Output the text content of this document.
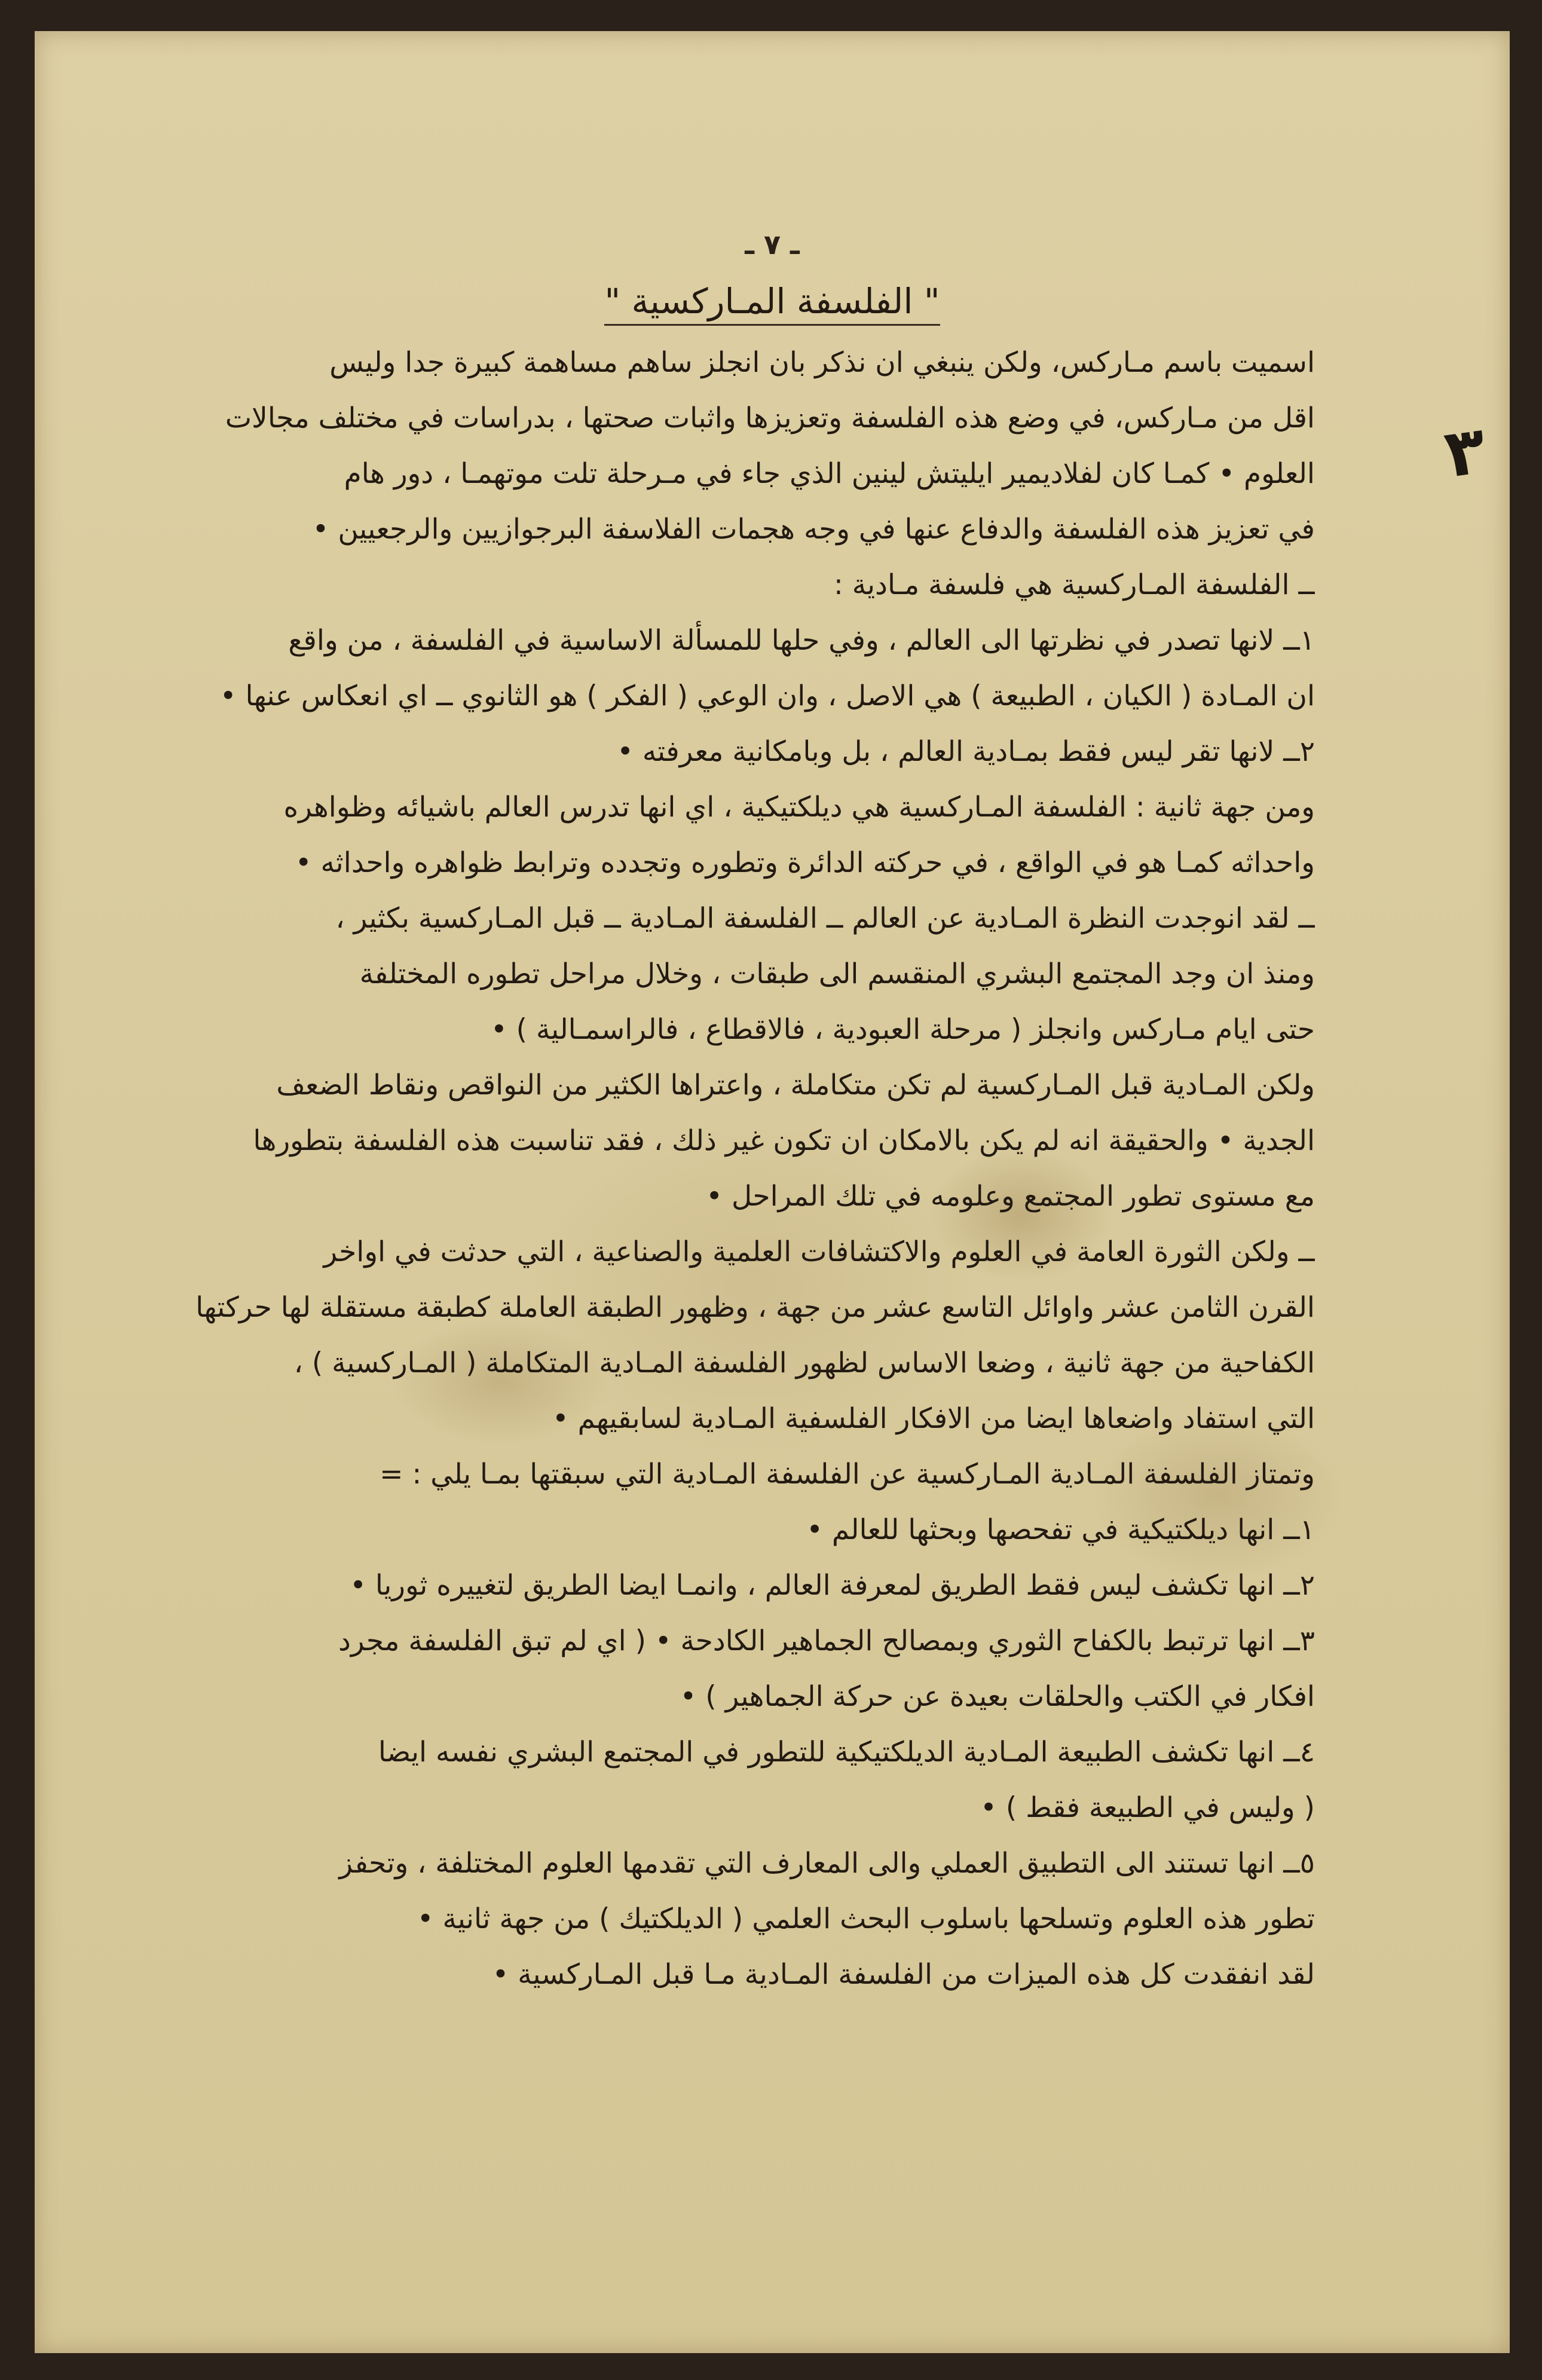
ـ ٧ ـ
" الفلسفة المـاركسية "
٣
اسميت باسم مـاركس، ولكن ينبغي ان نذكر بان انجلز ساهم مساهمة كبيرة جدا وليس
اقل من مـاركس، في وضع هذه الفلسفة وتعزيزها واثبات صحتها ، بدراسات في مختلف مجالات
العلوم • كمـا كان لفلاديمير ايليتش لينين الذي جاء في مـرحلة تلت موتهمـا ، دور هام
في تعزيز هذه الفلسفة والدفاع عنها في وجه هجمات الفلاسفة البرجوازيين والرجعيين •
ــ الفلسفة المـاركسية هي فلسفة مـادية :
١ــ لانها تصدر في نظرتها الى العالم ، وفي حلها للمسألة الاساسية في الفلسفة ، من واقع
ان المـادة ( الكيان ، الطبيعة ) هي الاصل ، وان الوعي ( الفكر ) هو الثانوي ــ اي انعكاس عنها •
٢ــ لانها تقر ليس فقط بمـادية العالم ، بل وبامكانية معرفته •
ومن جهة ثانية : الفلسفة المـاركسية هي ديلكتيكية ، اي انها تدرس العالم باشيائه وظواهره
واحداثه كمـا هو في الواقع ، في حركته الدائرة وتطوره وتجدده وترابط ظواهره واحداثه •
ــ لقد انوجدت النظرة المـادية عن العالم ــ الفلسفة المـادية ــ قبل المـاركسية بكثير ،
ومنذ ان وجد المجتمع البشري المنقسم الى طبقات ، وخلال مراحل تطوره المختلفة
حتى ايام مـاركس وانجلز ( مرحلة العبودية ، فالاقطاع ، فالراسمـالية ) •
ولكن المـادية قبل المـاركسية لم تكن متكاملة ، واعتراها الكثير من النواقص ونقاط الضعف
الجدية • والحقيقة انه لم يكن بالامكان ان تكون غير ذلك ، فقد تناسبت هذه الفلسفة بتطورها
مع مستوى تطور المجتمع وعلومه في تلك المراحل •
ــ ولكن الثورة العامة في العلوم والاكتشافات العلمية والصناعية ، التي حدثت في اواخر
القرن الثامن عشر واوائل التاسع عشر من جهة ، وظهور الطبقة العاملة كطبقة مستقلة لها حركتها
الكفاحية من جهة ثانية ، وضعا الاساس لظهور الفلسفة المـادية المتكاملة ( المـاركسية ) ،
التي استفاد واضعاها ايضا من الافكار الفلسفية المـادية لسابقيهم •
وتمتاز الفلسفة المـادية المـاركسية عن الفلسفة المـادية التي سبقتها بمـا يلي : =
١ــ انها ديلكتيكية في تفحصها وبحثها للعالم •
٢ــ انها تكشف ليس فقط الطريق لمعرفة العالم ، وانمـا ايضا الطريق لتغييره ثوريا •
٣ــ انها ترتبط بالكفاح الثوري وبمصالح الجماهير الكادحة • ( اي لم تبق الفلسفة مجرد
افكار في الكتب والحلقات بعيدة عن حركة الجماهير ) •
٤ــ انها تكشف الطبيعة المـادية الديلكتيكية للتطور في المجتمع البشري نفسه ايضا
( وليس في الطبيعة فقط ) •
٥ــ انها تستند الى التطبيق العملي والى المعارف التي تقدمها العلوم المختلفة ، وتحفز
تطور هذه العلوم وتسلحها باسلوب البحث العلمي ( الديلكتيك ) من جهة ثانية •
لقد انفقدت كل هذه الميزات من الفلسفة المـادية مـا قبل المـاركسية •
